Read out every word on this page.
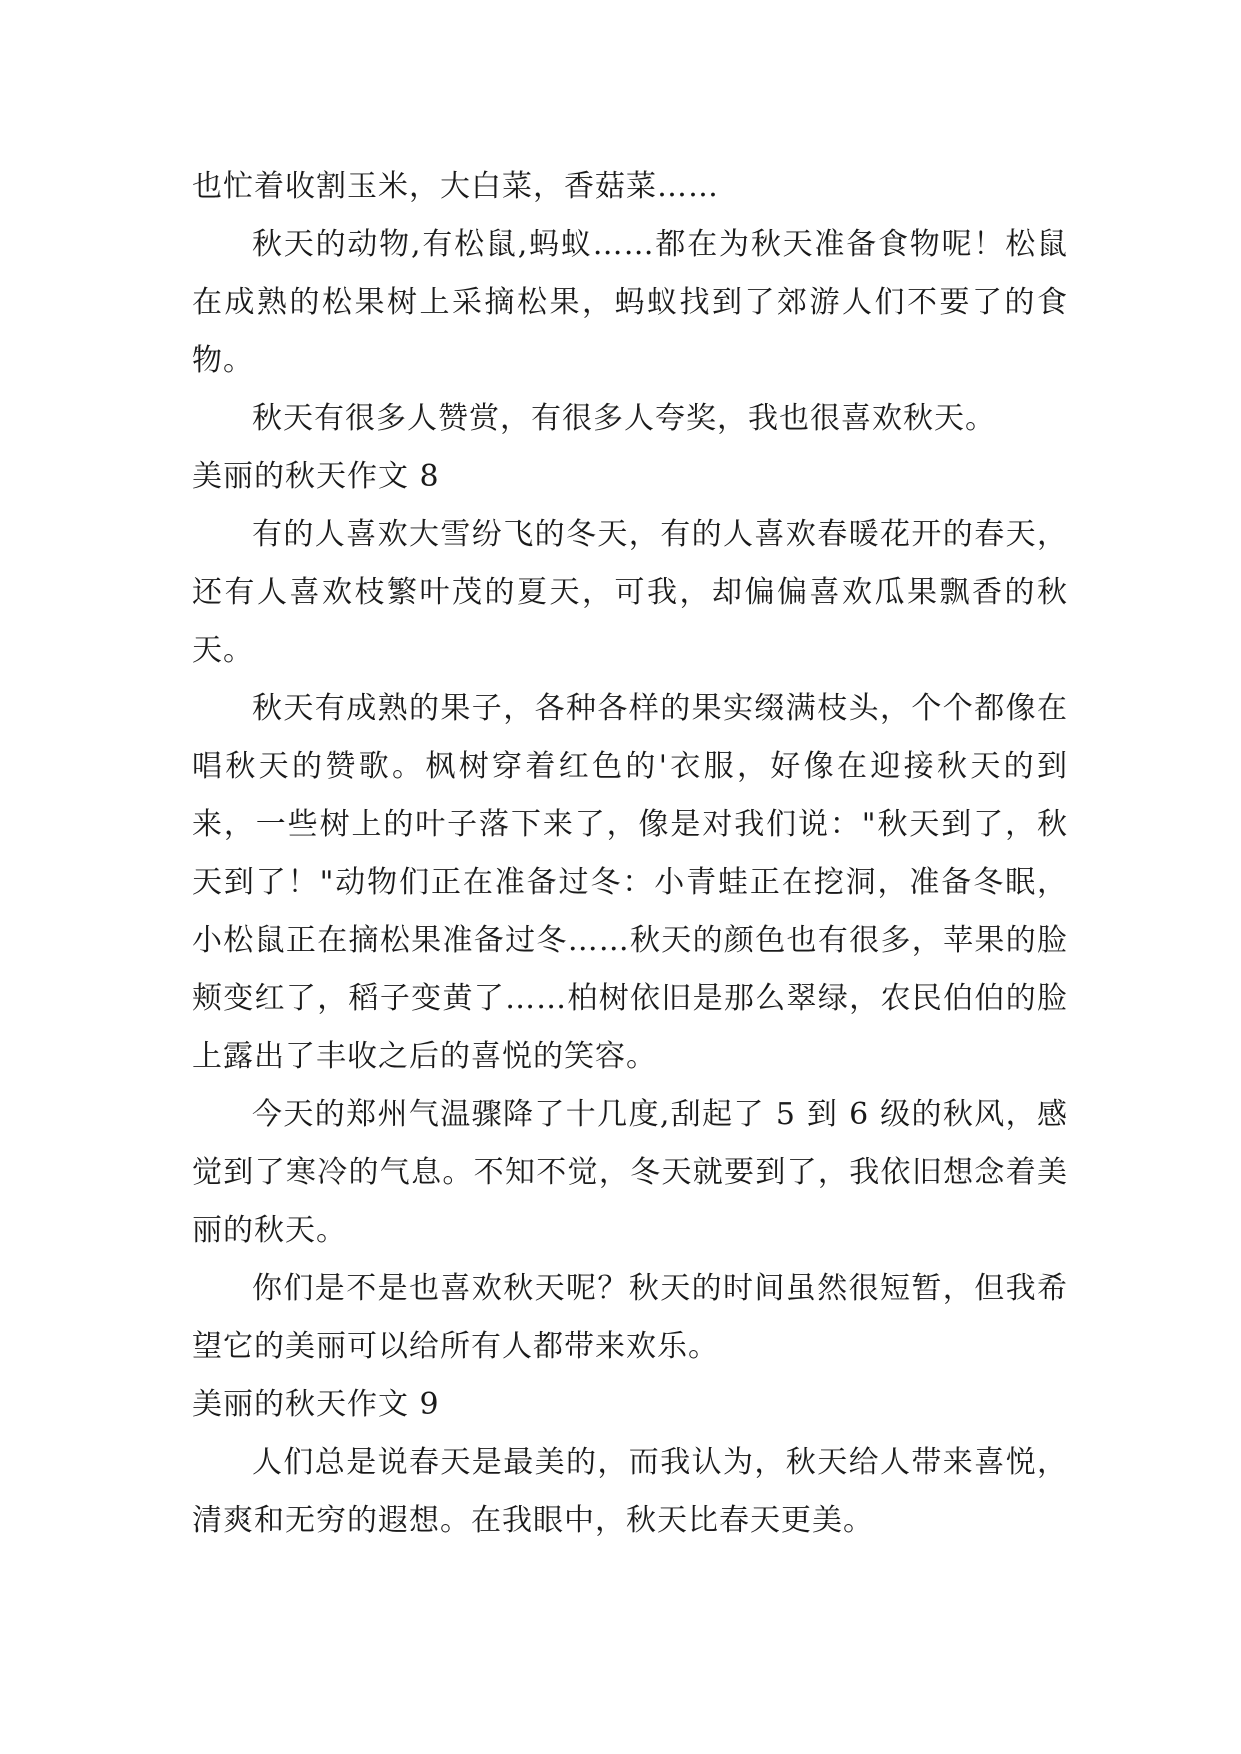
也忙着收割玉米，大白菜，香菇菜……

秋天的动物,有松鼠,蚂蚁……都在为秋天准备食物呢！松鼠在成熟的松果树上采摘松果，蚂蚁找到了郊游人们不要了的食物。

秋天有很多人赞赏，有很多人夸奖，我也很喜欢秋天。

美丽的秋天作文 8

有的人喜欢大雪纷飞的冬天，有的人喜欢春暖花开的春天，还有人喜欢枝繁叶茂的夏天，可我，却偏偏喜欢瓜果飘香的秋天。

秋天有成熟的果子，各种各样的果实缀满枝头，个个都像在唱秋天的赞歌。枫树穿着红色的'衣服，好像在迎接秋天的到来，一些树上的叶子落下来了，像是对我们说："秋天到了，秋天到了！"动物们正在准备过冬：小青蛙正在挖洞，准备冬眠，小松鼠正在摘松果准备过冬……秋天的颜色也有很多，苹果的脸颊变红了，稻子变黄了……柏树依旧是那么翠绿，农民伯伯的脸上露出了丰收之后的喜悦的笑容。

今天的郑州气温骤降了十几度,刮起了 5 到 6 级的秋风，感觉到了寒冷的气息。不知不觉，冬天就要到了，我依旧想念着美丽的秋天。

你们是不是也喜欢秋天呢？秋天的时间虽然很短暂，但我希望它的美丽可以给所有人都带来欢乐。

美丽的秋天作文 9

人们总是说春天是最美的，而我认为，秋天给人带来喜悦，清爽和无穷的遐想。在我眼中，秋天比春天更美。
